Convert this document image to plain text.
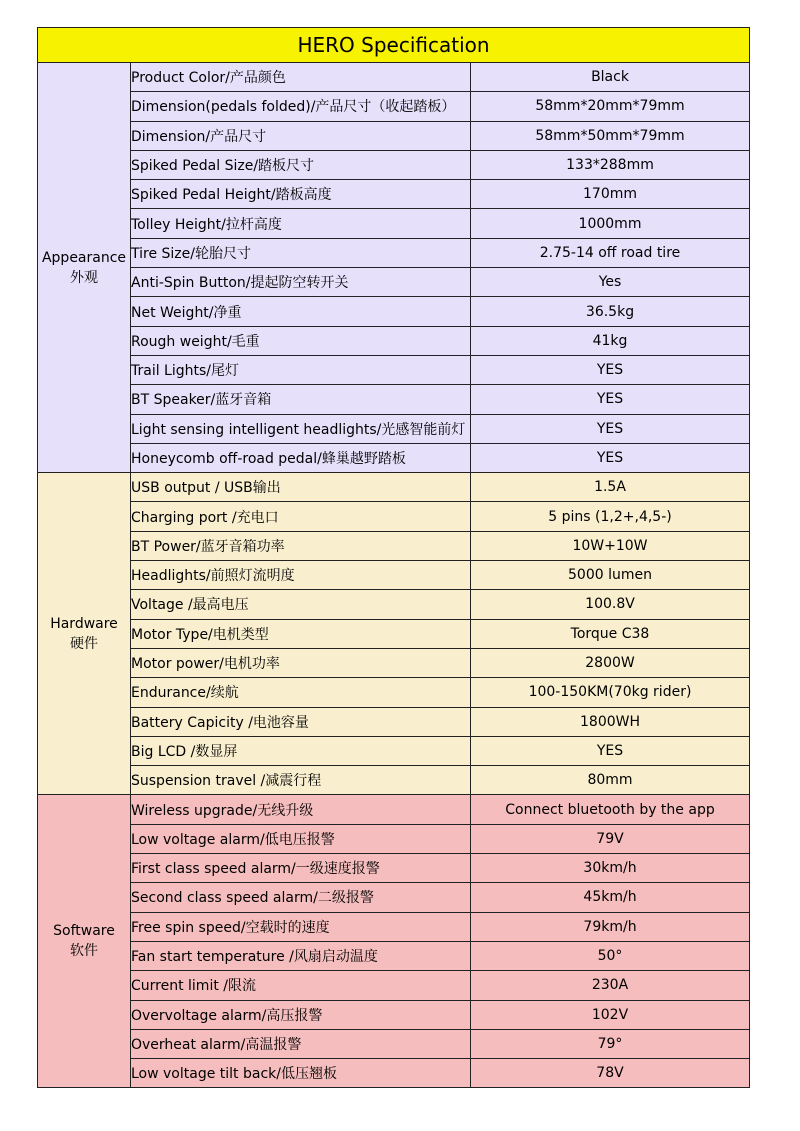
HERO Specification		

Appearance
外观	Product Color/产品颜色	Black
	Dimension(pedals folded)/产品尺寸（收起踏板）	58mm*20mm*79mm
	Dimension/产品尺寸	58mm*50mm*79mm
	Spiked Pedal Size/踏板尺寸	133*288mm
	Spiked Pedal Height/踏板高度	170mm
	Tolley Height/拉杆高度	1000mm
	Tire Size/轮胎尺寸	2.75-14 off road tire
	Anti-Spin Button/提起防空转开关	Yes
	Net Weight/净重	36.5kg
	Rough weight/毛重	41kg
	Trail Lights/尾灯	YES
	BT Speaker/蓝牙音箱	YES
	Light sensing intelligent headlights/光感智能前灯	YES
	Honeycomb off-road pedal/蜂巢越野踏板	YES

Hardware
硬件	USB output / USB输出	1.5A
	Charging port /充电口	5 pins (1,2+,4,5-)
	BT Power/蓝牙音箱功率	10W+10W
	Headlights/前照灯流明度	5000 lumen
	Voltage /最高电压	100.8V
	Motor Type/电机类型	Torque C38
	Motor power/电机功率	2800W
	Endurance/续航	100-150KM(70kg rider)
	Battery Capicity /电池容量	1800WH
	Big LCD /数显屏	YES
	Suspension travel /减震行程	80mm

Software
软件	Wireless upgrade/无线升级	Connect bluetooth by the app
	Low voltage alarm/低电压报警	79V
	First class speed alarm/一级速度报警	30km/h
	Second class speed alarm/二级报警	45km/h
	Free spin speed/空载时的速度	79km/h
	Fan start temperature /风扇启动温度	50°
	Current limit /限流	230A
	Overvoltage alarm/高压报警	102V
	Overheat alarm/高温报警	79°
	Low voltage tilt back/低压翘板	78V
